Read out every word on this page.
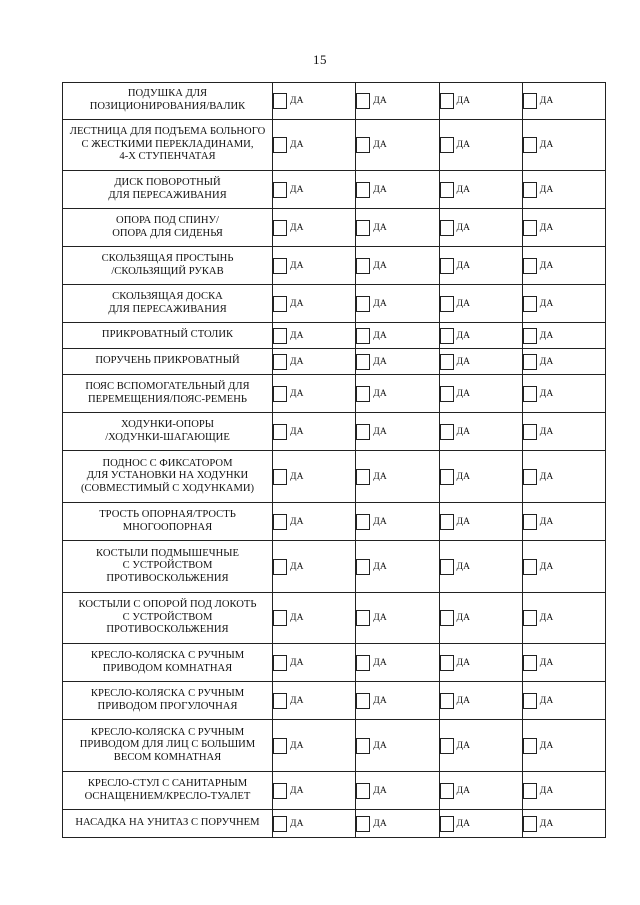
15
ПОДУШКА ДЛЯ
ПОЗИЦИОНИРОВАНИЯ/ВАЛИК	ДА	ДА	ДА	ДА

ЛЕСТНИЦА ДЛЯ ПОДЪЕМА БОЛЬНОГО
С ЖЕСТКИМИ ПЕРЕКЛАДИНАМИ,
4-Х СТУПЕНЧАТАЯ	ДА	ДА	ДА	ДА

ДИСК ПОВОРОТНЫЙ
ДЛЯ ПЕРЕСАЖИВАНИЯ	ДА	ДА	ДА	ДА

ОПОРА ПОД СПИНУ/
ОПОРА ДЛЯ СИДЕНЬЯ	ДА	ДА	ДА	ДА

СКОЛЬЗЯЩАЯ ПРОСТЫНЬ
/СКОЛЬЗЯЩИЙ РУКАВ	ДА	ДА	ДА	ДА

СКОЛЬЗЯЩАЯ ДОСКА
ДЛЯ ПЕРЕСАЖИВАНИЯ	ДА	ДА	ДА	ДА

ПРИКРОВАТНЫЙ СТОЛИК	ДА	ДА	ДА	ДА

ПОРУЧЕНЬ ПРИКРОВАТНЫЙ	ДА	ДА	ДА	ДА

ПОЯС ВСПОМОГАТЕЛЬНЫЙ ДЛЯ
ПЕРЕМЕЩЕНИЯ/ПОЯС-РЕМЕНЬ	ДА	ДА	ДА	ДА

ХОДУНКИ-ОПОРЫ
/ХОДУНКИ-ШАГАЮЩИЕ	ДА	ДА	ДА	ДА

ПОДНОС С ФИКСАТОРОМ
ДЛЯ УСТАНОВКИ НА ХОДУНКИ
(СОВМЕСТИМЫЙ С ХОДУНКАМИ)	ДА	ДА	ДА	ДА

ТРОСТЬ ОПОРНАЯ/ТРОСТЬ
МНОГООПОРНАЯ	ДА	ДА	ДА	ДА

КОСТЫЛИ ПОДМЫШЕЧНЫЕ
С УСТРОЙСТВОМ
ПРОТИВОСКОЛЬЖЕНИЯ	ДА	ДА	ДА	ДА

КОСТЫЛИ С ОПОРОЙ ПОД ЛОКОТЬ
С УСТРОЙСТВОМ
ПРОТИВОСКОЛЬЖЕНИЯ	ДА	ДА	ДА	ДА

КРЕСЛО-КОЛЯСКА С РУЧНЫМ
ПРИВОДОМ КОМНАТНАЯ	ДА	ДА	ДА	ДА

КРЕСЛО-КОЛЯСКА С РУЧНЫМ
ПРИВОДОМ ПРОГУЛОЧНАЯ	ДА	ДА	ДА	ДА

КРЕСЛО-КОЛЯСКА С РУЧНЫМ
ПРИВОДОМ ДЛЯ ЛИЦ С БОЛЬШИМ
ВЕСОМ КОМНАТНАЯ	ДА	ДА	ДА	ДА

КРЕСЛО-СТУЛ С САНИТАРНЫМ
ОСНАЩЕНИЕМ/КРЕСЛО-ТУАЛЕТ	ДА	ДА	ДА	ДА

НАСАДКА НА УНИТАЗ С ПОРУЧНЕМ	ДА	ДА	ДА	ДА
